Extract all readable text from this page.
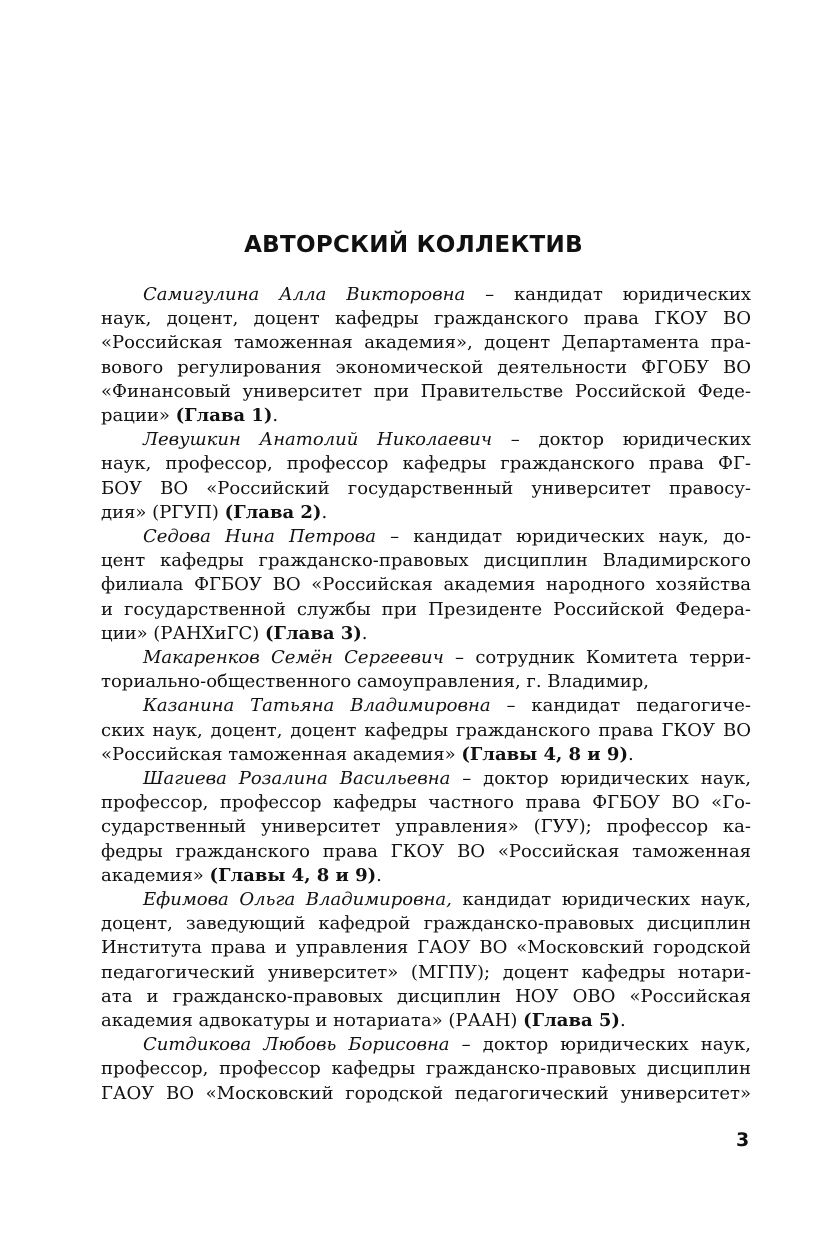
АВТОРСКИЙ КОЛЛЕКТИВ
Самигулина Алла Викторовна – кандидат юридических
наук, доцент, доцент кафедры гражданского права ГКОУ ВО
«Российская таможенная академия», доцент Департамента пра-
вового регулирования экономической деятельности ФГОБУ ВО
«Финансовый университет при Правительстве Российской Феде-
рации» (Глава 1).
Левушкин Анатолий Николаевич – доктор юридических
наук, профессор, профессор кафедры гражданского права ФГ-
БОУ ВО «Российский государственный университет правосу-
дия» (РГУП) (Глава 2).
Седова Нина Петрова – кандидат юридических наук, до-
цент кафедры гражданско-правовых дисциплин Владимирского
филиала ФГБОУ ВО «Российская академия народного хозяйства
и государственной службы при Президенте Российской Федера-
ции» (РАНХиГС) (Глава 3).
Макаренков Семён Сергеевич – сотрудник Комитета терри-
ториально-общественного самоуправления, г. Владимир,
Казанина Татьяна Владимировна – кандидат педагогиче-
ских наук, доцент, доцент кафедры гражданского права ГКОУ ВО
«Российская таможенная академия» (Главы 4, 8 и 9).
Шагиева Розалина Васильевна – доктор юридических наук,
профессор, профессор кафедры частного права ФГБОУ ВО «Го-
сударственный университет управления» (ГУУ); профессор ка-
федры гражданского права ГКОУ ВО «Российская таможенная
академия» (Главы 4, 8 и 9).
Ефимова Ольга Владимировна, кандидат юридических наук,
доцент, заведующий кафедрой гражданско-правовых дисциплин
Института права и управления ГАОУ ВО «Московский городской
педагогический университет» (МГПУ); доцент кафедры нотари-
ата и гражданско-правовых дисциплин НОУ ОВО «Российская
академия адвокатуры и нотариата» (РААН) (Глава 5).
Ситдикова Любовь Борисовна – доктор юридических наук,
профессор, профессор кафедры гражданско-правовых дисциплин
ГАОУ ВО «Московский городской педагогический университет»
3
